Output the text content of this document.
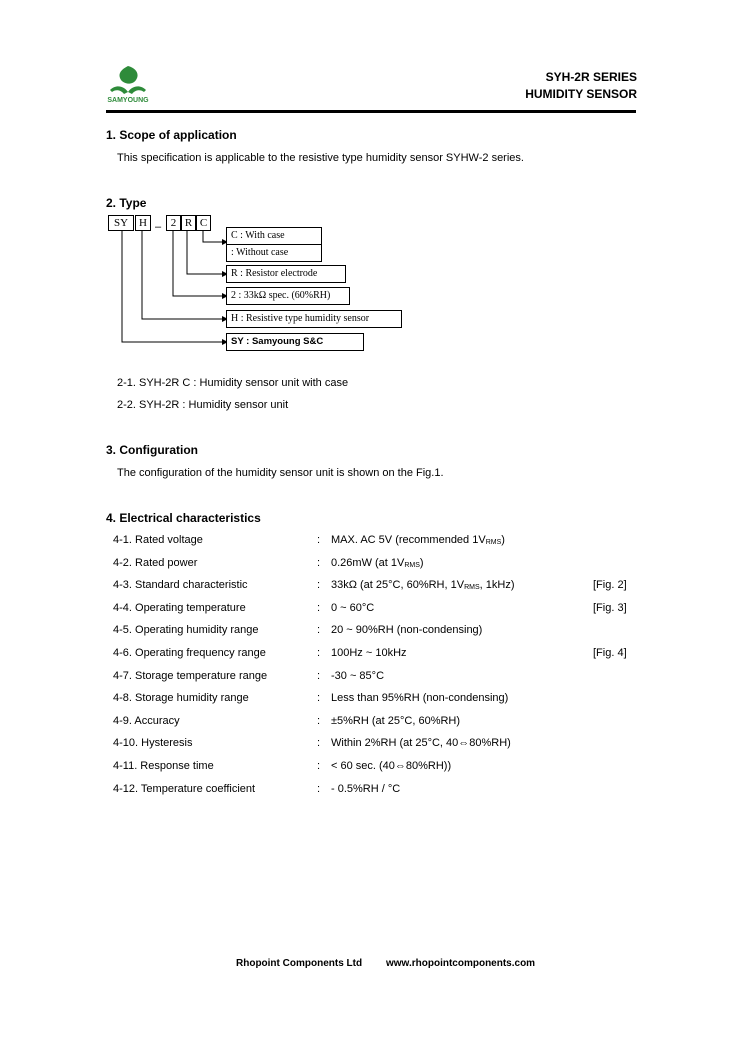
SAMYOUNG
SYH-2R SERIES
HUMIDITY SENSOR
1. Scope of application
This specification is applicable to the resistive type humidity sensor SYHW-2 series.
2. Type
SY H – 2 R C
C : With case
: Without case
R : Resistor electrode
2 : 33kΩ spec. (60%RH)
H : Resistive type humidity sensor
SY : Samyoung S&C
2-1. SYH-2R C : Humidity sensor unit with case
2-2. SYH-2R : Humidity sensor unit
3. Configuration
The configuration of the humidity sensor unit is shown on the Fig.1.
4. Electrical characteristics
4-1. Rated voltage	: MAX. AC 5V (recommended $1V_{RMS}$)
4-2. Rated power	: 0.26mW (at $1V_{RMS}$)
4-3. Standard characteristic	: 33kΩ (at 25°C, 60%RH, $1V_{RMS}$, 1kHz)	[Fig. 2]
4-4. Operating temperature	: 0 ~ 60°C	[Fig. 3]
4-5. Operating humidity range	: 20 ~ 90%RH (non-condensing)
4-6. Operating frequency range	: 100Hz ~ 10kHz	[Fig. 4]
4-7. Storage temperature range	: -30 ~ 85°C
4-8. Storage humidity range	: Less than 95%RH (non-condensing)
4-9. Accuracy	: ±5%RH (at 25°C, 60%RH)
4-10. Hysteresis	: Within 2%RH (at 25°C, 40⇔80%RH)
4-11. Response time	: < 60 sec. (40⇔80%RH))
4-12. Temperature coefficient	: - 0.5%RH / °C
Rhopoint Components Ltd www.rhopointcomponents.com
